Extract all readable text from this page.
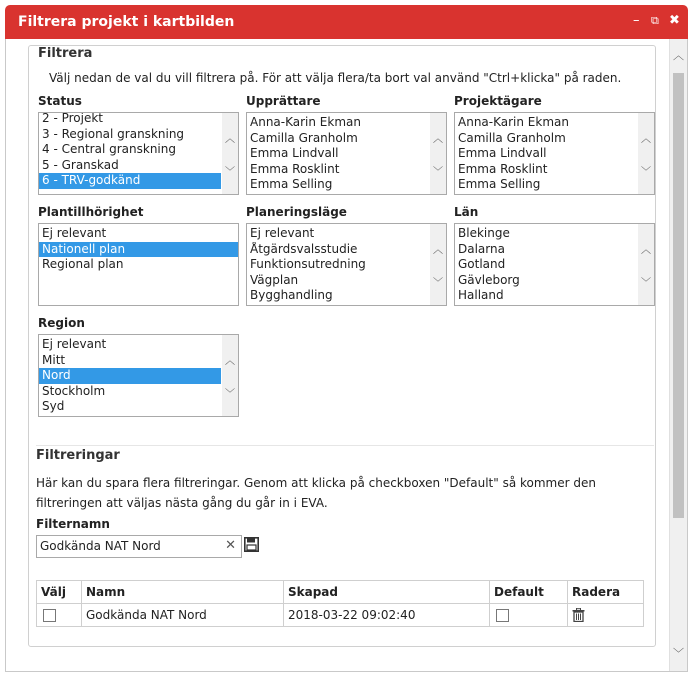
Filtrera projekt i kartbilden	– ⧉ ✖
︿
﹀
Filtrera
Välj nedan de val du vill filtrera på. För att välja flera/ta bort val använd "Ctrl+klicka" på raden.
Status
2 - Projekt
3 - Regional granskning
4 - Central granskning
5 - Granskad
6 - TRV-godkänd
︿
﹀
Upprättare
Anna-Karin Ekman
Camilla Granholm
Emma Lindvall
Emma Rosklint
Emma Selling
︿
﹀
Projektägare
Anna-Karin Ekman
Camilla Granholm
Emma Lindvall
Emma Rosklint
Emma Selling
︿
﹀
Plantillhörighet
Ej relevant
Nationell plan
Regional plan
Planeringsläge
Ej relevant
Åtgärdsvalsstudie
Funktionsutredning
Vägplan
Bygghandling
︿
﹀
Län
Blekinge
Dalarna
Gotland
Gävleborg
Halland
︿
﹀
Region
Ej relevant
Mitt
Nord
Stockholm
Syd
︿
﹀
Filtreringar
Här kan du spara flera filtreringar. Genom att klicka på checkboxen "Default" så kommer den filtreringen att väljas nästa gång du går in i EVA.
Filternamn
Godkända NAT Nord	✕
Välj	Namn	Skapad	Default	Radera
	Godkända NAT Nord	2018-03-22 09:02:40		
